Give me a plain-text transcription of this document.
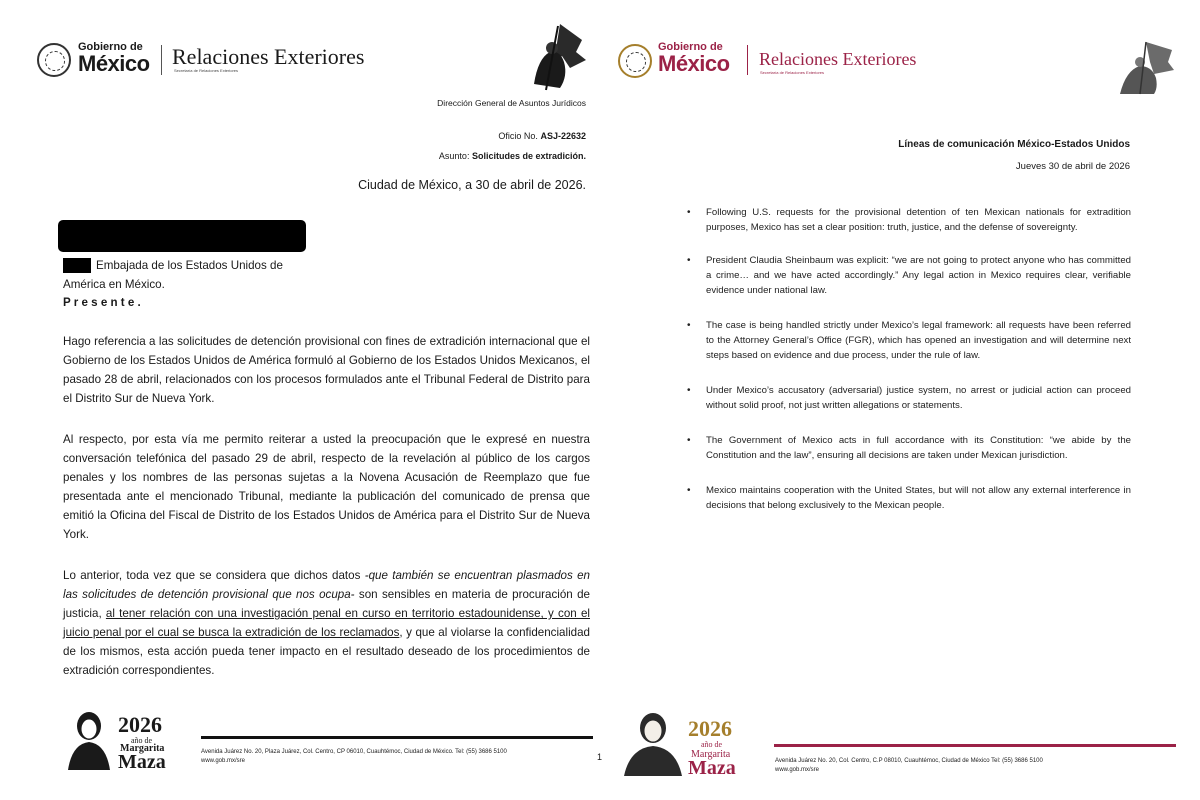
Gobierno de
México Relaciones Exteriores
Secretaría de Relaciones Exteriores
Dirección General de Asuntos Jurídicos
Oficio No. ASJ-22632
Asunto: Solicitudes de extradición.
Ciudad de México, a 30 de abril de 2026.
Embajada de los Estados Unidos de
América en México.
P r e s e n t e .
Hago referencia a las solicitudes de detención provisional con fines de extradición internacional que el Gobierno de los Estados Unidos de América formuló al Gobierno de los Estados Unidos Mexicanos, el pasado 28 de abril, relacionados con los procesos formulados ante el Tribunal Federal de Distrito para el Distrito Sur de Nueva York.
Al respecto, por esta vía me permito reiterar a usted la preocupación que le expresé en nuestra conversación telefónica del pasado 29 de abril, respecto de la revelación al público de los cargos penales y los nombres de las personas sujetas a la Novena Acusación de Reemplazo que fue presentada ante el mencionado Tribunal, mediante la publicación del comunicado de prensa que emitió la Oficina del Fiscal de Distrito de los Estados Unidos de América para el Distrito Sur de Nueva York.
Lo anterior, toda vez que se considera que dichos datos -que también se encuentran plasmados en las solicitudes de detención provisional que nos ocupa- son sensibles en materia de procuración de justicia, al tener relación con una investigación penal en curso en territorio estadounidense, y con el juicio penal por el cual se busca la extradición de los reclamados, y que al violarse la confidencialidad de los mismos, esta acción pueda tener impacto en el resultado deseado de los procedimientos de extradición correspondientes.
2026
año de
Margarita
Maza	Avenida Juárez No. 20, Plaza Juárez, Col. Centro, CP 06010, Cuauhtémoc, Ciudad de México. Tel: (55) 3686 5100
www.gob.mx/sre	1
Gobierno de
México Relaciones Exteriores
Secretaría de Relaciones Exteriores
Líneas de comunicación México-Estados Unidos
Jueves 30 de abril de 2026
• Following U.S. requests for the provisional detention of ten Mexican nationals for extradition purposes, Mexico has set a clear position: truth, justice, and the defense of sovereignty.
• President Claudia Sheinbaum was explicit: “we are not going to protect anyone who has committed a crime… and we have acted accordingly.” Any legal action in Mexico requires clear, verifiable evidence under national law.
• The case is being handled strictly under Mexico’s legal framework: all requests have been referred to the Attorney General’s Office (FGR), which has opened an investigation and will determine next steps based on evidence and due process, under the rule of law.
• Under Mexico’s accusatory (adversarial) justice system, no arrest or judicial action can proceed without solid proof, not just written allegations or statements.
• The Government of Mexico acts in full accordance with its Constitution: “we abide by the Constitution and the law”, ensuring all decisions are taken under Mexican jurisdiction.
• Mexico maintains cooperation with the United States, but will not allow any external interference in decisions that belong exclusively to the Mexican people.
2026
año de
Margarita
Maza	Avenida Juárez No. 20, Col. Centro, C.P 08010, Cuauhtémoc, Ciudad de México Tel: (55) 3686 5100
www.gob.mx/sre
